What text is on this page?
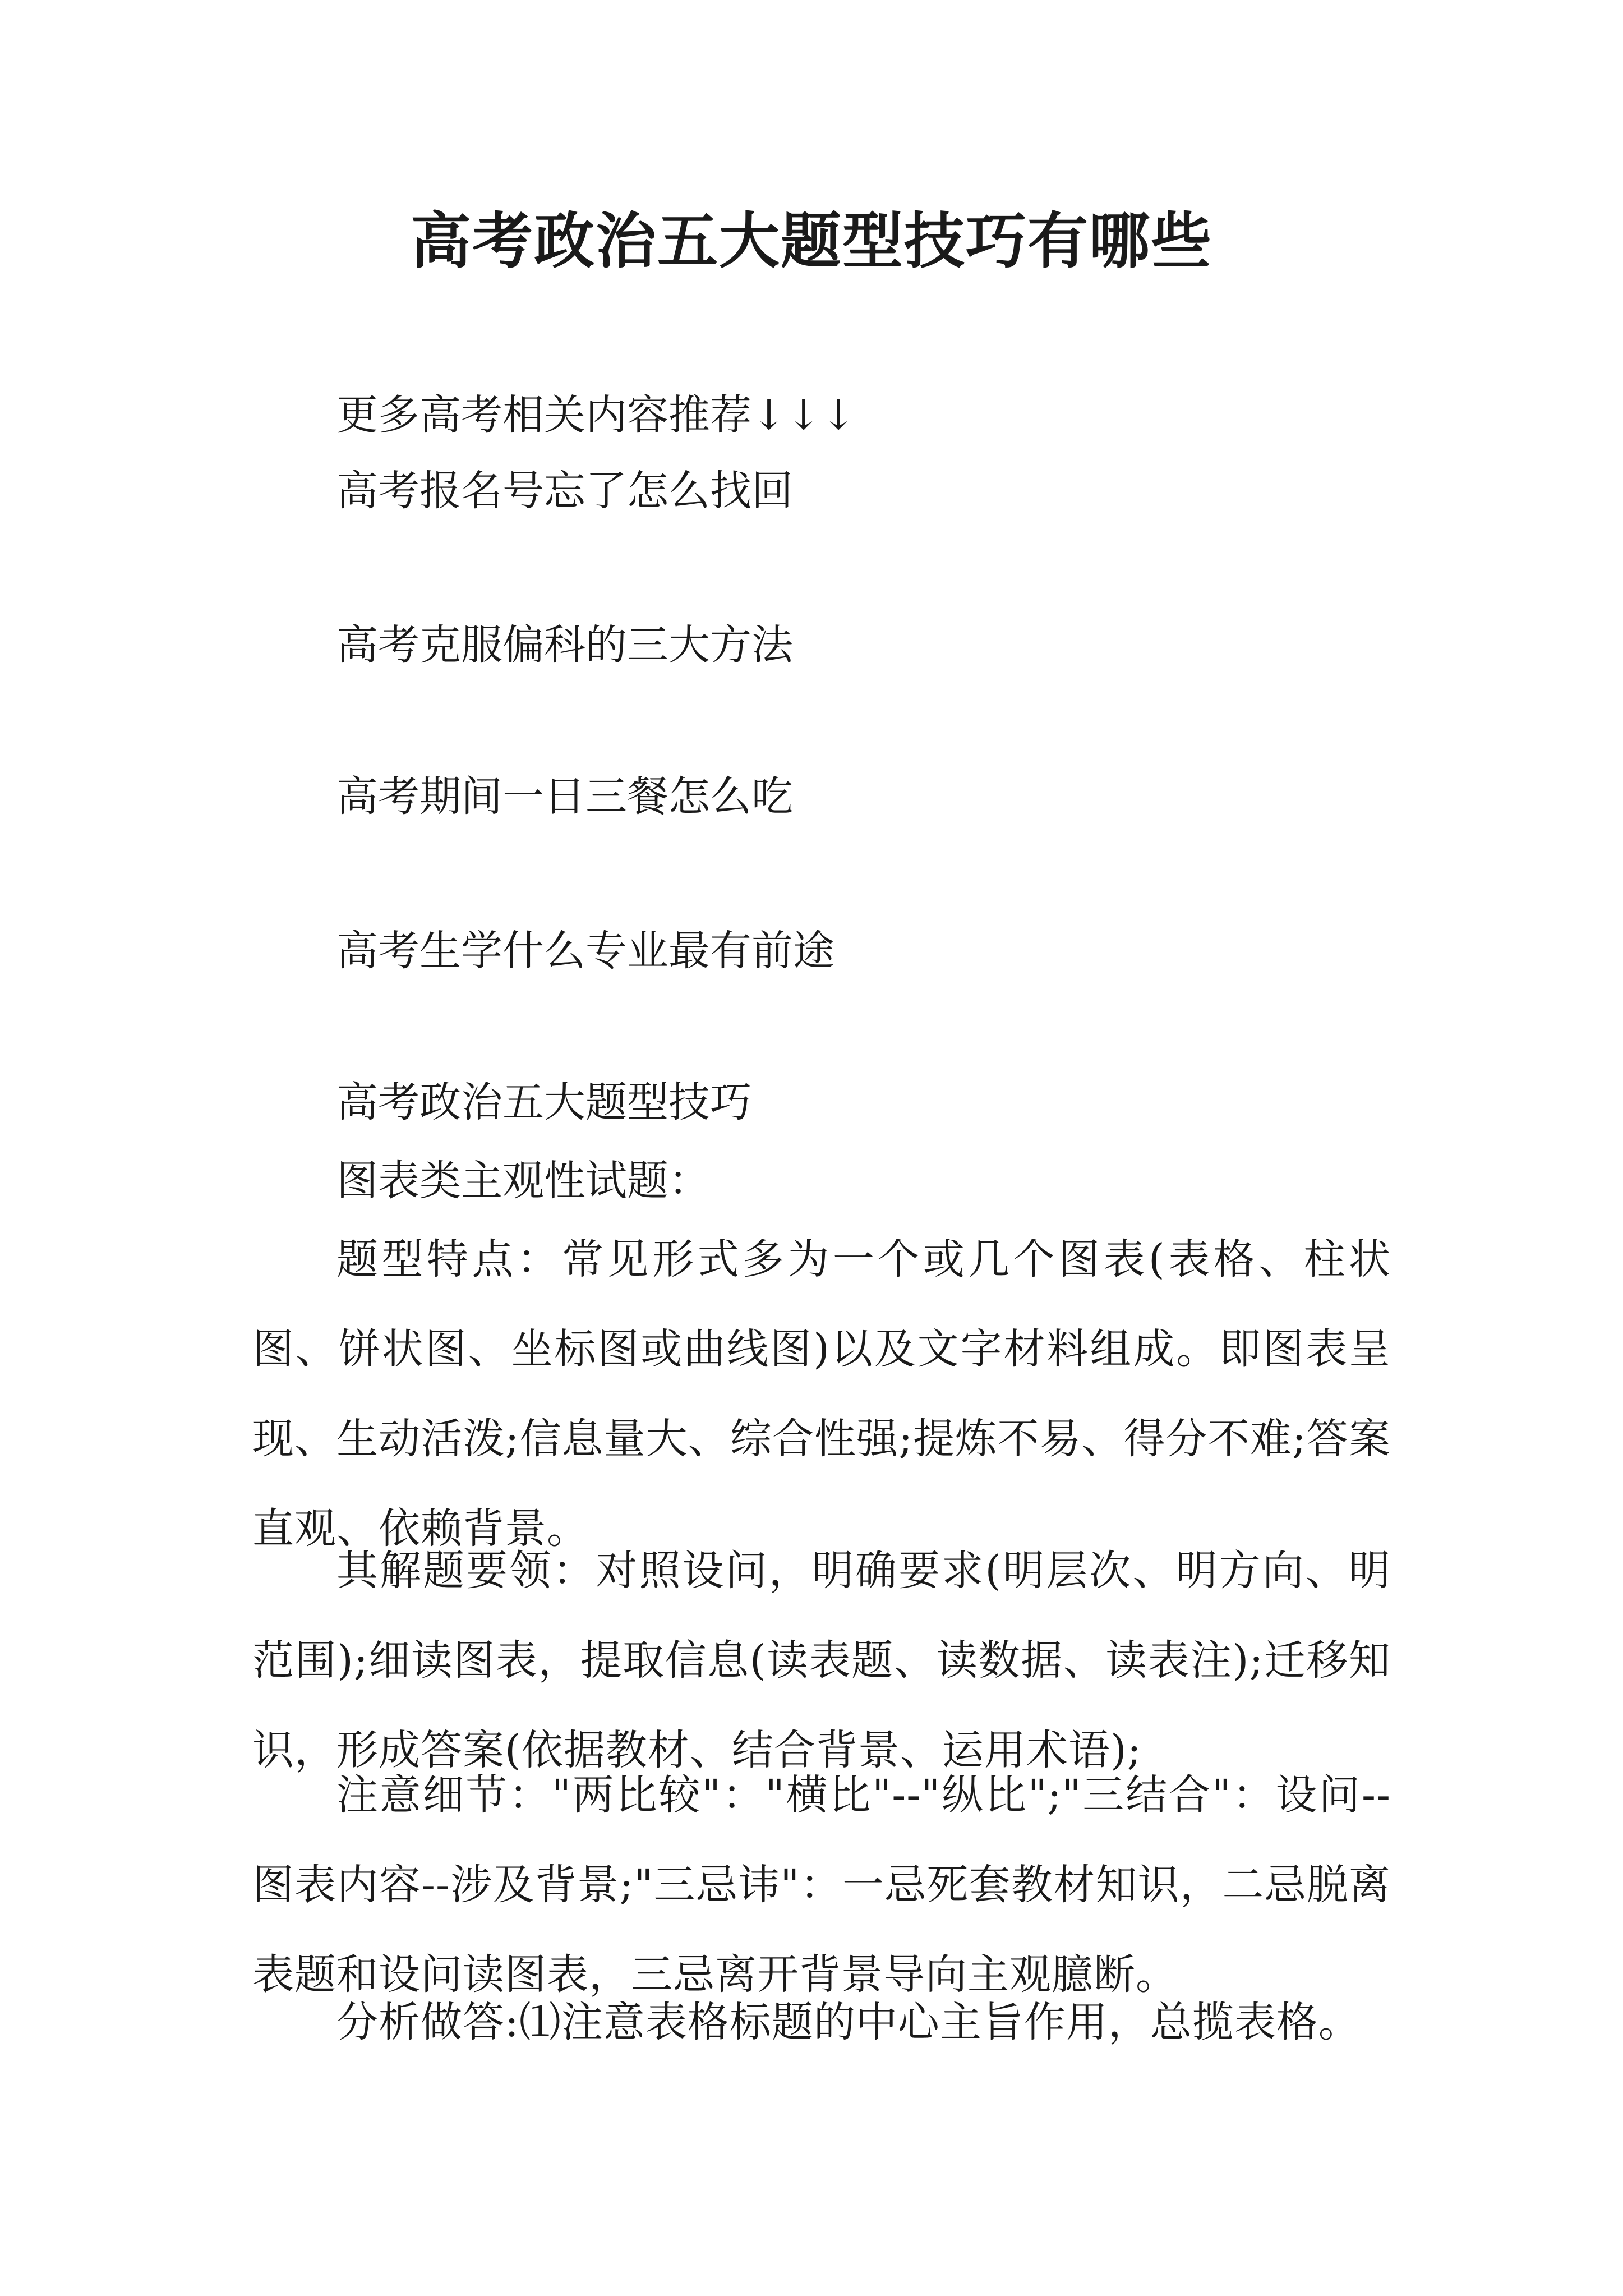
高考政治五大题型技巧有哪些
更多高考相关内容推荐↓↓↓
高考报名号忘了怎么找回
高考克服偏科的三大方法
高考期间一日三餐怎么吃
高考生学什么专业最有前途
高考政治五大题型技巧
图表类主观性试题：
题型特点：常见形式多为一个或几个图表(表格、柱状图、饼状图、坐标图或曲线图)以及文字材料组成。即图表呈现、生动活泼;信息量大、综合性强;提炼不易、得分不难;答案直观、依赖背景。
其解题要领：对照设问，明确要求(明层次、明方向、明范围);细读图表，提取信息(读表题、读数据、读表注);迁移知识，形成答案(依据教材、结合背景、运用术语);
注意细节："两比较"："横比"--"纵比";"三结合"：设问--图表内容--涉及背景;"三忌讳"：一忌死套教材知识，二忌脱离表题和设问读图表，三忌离开背景导向主观臆断。
分析做答:⑴注意表格标题的中心主旨作用，总揽表格。
